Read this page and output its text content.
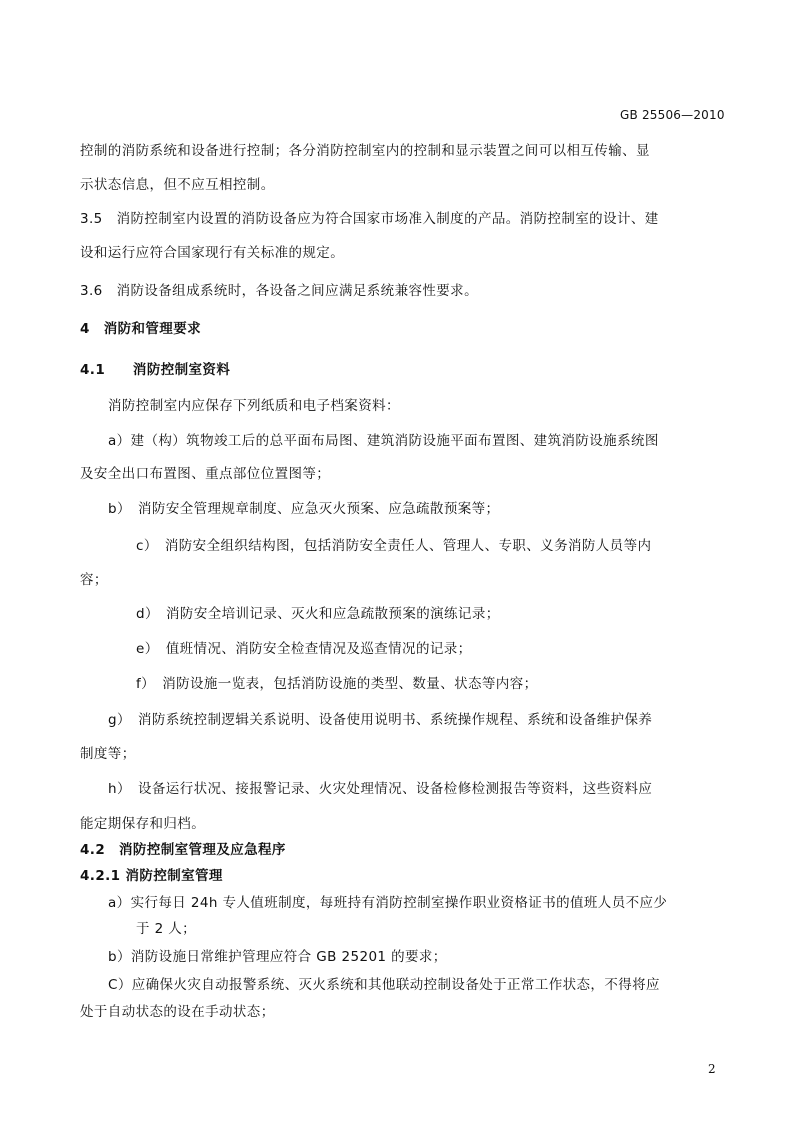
GB 25506—2010
控制的消防系统和设备进行控制；各分消防控制室内的控制和显示装置之间可以相互传输、显
示状态信息，但不应互相控制。
3.5　消防控制室内设置的消防设备应为符合国家市场准入制度的产品。消防控制室的设计、建
设和运行应符合国家现行有关标准的规定。
3.6　消防设备组成系统时，各设备之间应满足系统兼容性要求。
4　消防和管理要求
4.1　　消防控制室资料
消防控制室内应保存下列纸质和电子档案资料：
a）建（构）筑物竣工后的总平面布局图、建筑消防设施平面布置图、建筑消防设施系统图
及安全出口布置图、重点部位位置图等；
b）　消防安全管理规章制度、应急灭火预案、应急疏散预案等；
c）　消防安全组织结构图，包括消防安全责任人、管理人、专职、义务消防人员等内
容；
d）　消防安全培训记录、灭火和应急疏散预案的演练记录；
e）　值班情况、消防安全检查情况及巡查情况的记录；
f）　消防设施一览表，包括消防设施的类型、数量、状态等内容；
g）　消防系统控制逻辑关系说明、设备使用说明书、系统操作规程、系统和设备维护保养
制度等；
h）　设备运行状况、接报警记录、火灾处理情况、设备检修检测报告等资料，这些资料应
能定期保存和归档。
4.2　消防控制室管理及应急程序
4.2.1 消防控制室管理
a）实行每日 24h 专人值班制度，每班持有消防控制室操作职业资格证书的值班人员不应少
于 2 人；
b）消防设施日常维护管理应符合 GB 25201 的要求；
C）应确保火灾自动报警系统、灭火系统和其他联动控制设备处于正常工作状态，不得将应
处于自动状态的设在手动状态；
2
